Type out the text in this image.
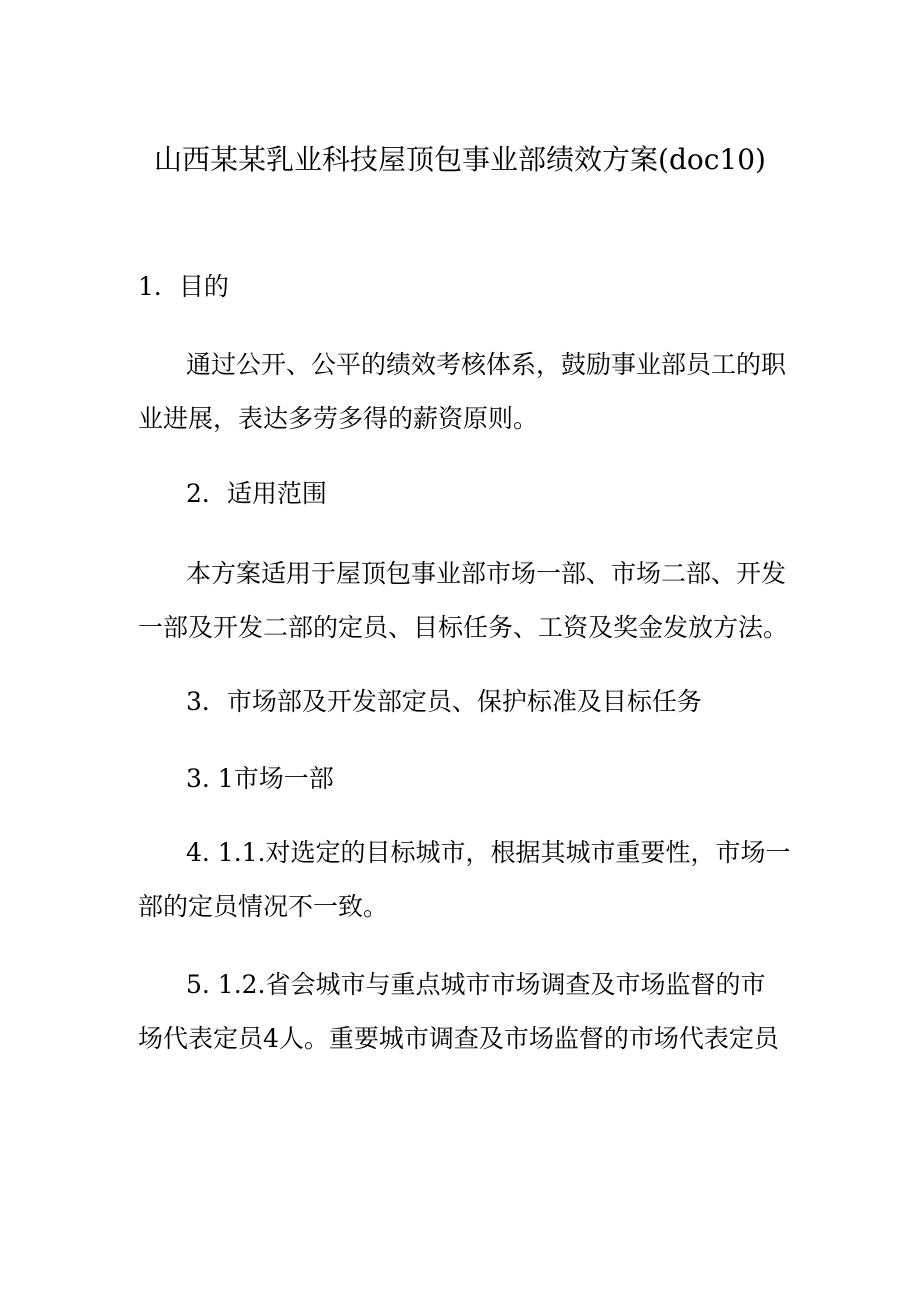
山西某某乳业科技屋顶包事业部绩效方案(doc10)
1．目的
通过公开、公平的绩效考核体系，鼓励事业部员工的职
业进展，表达多劳多得的薪资原则。
2．适用范围
本方案适用于屋顶包事业部市场一部、市场二部、开发
一部及开发二部的定员、目标任务、工资及奖金发放方法。
3．市场部及开发部定员、保护标准及目标任务
3. 1市场一部
4. 1.1.对选定的目标城市，根据其城市重要性，市场一
部的定员情况不一致。
5. 1.2.省会城市与重点城市市场调查及市场监督的市
场代表定员4人。重要城市调查及市场监督的市场代表定员
